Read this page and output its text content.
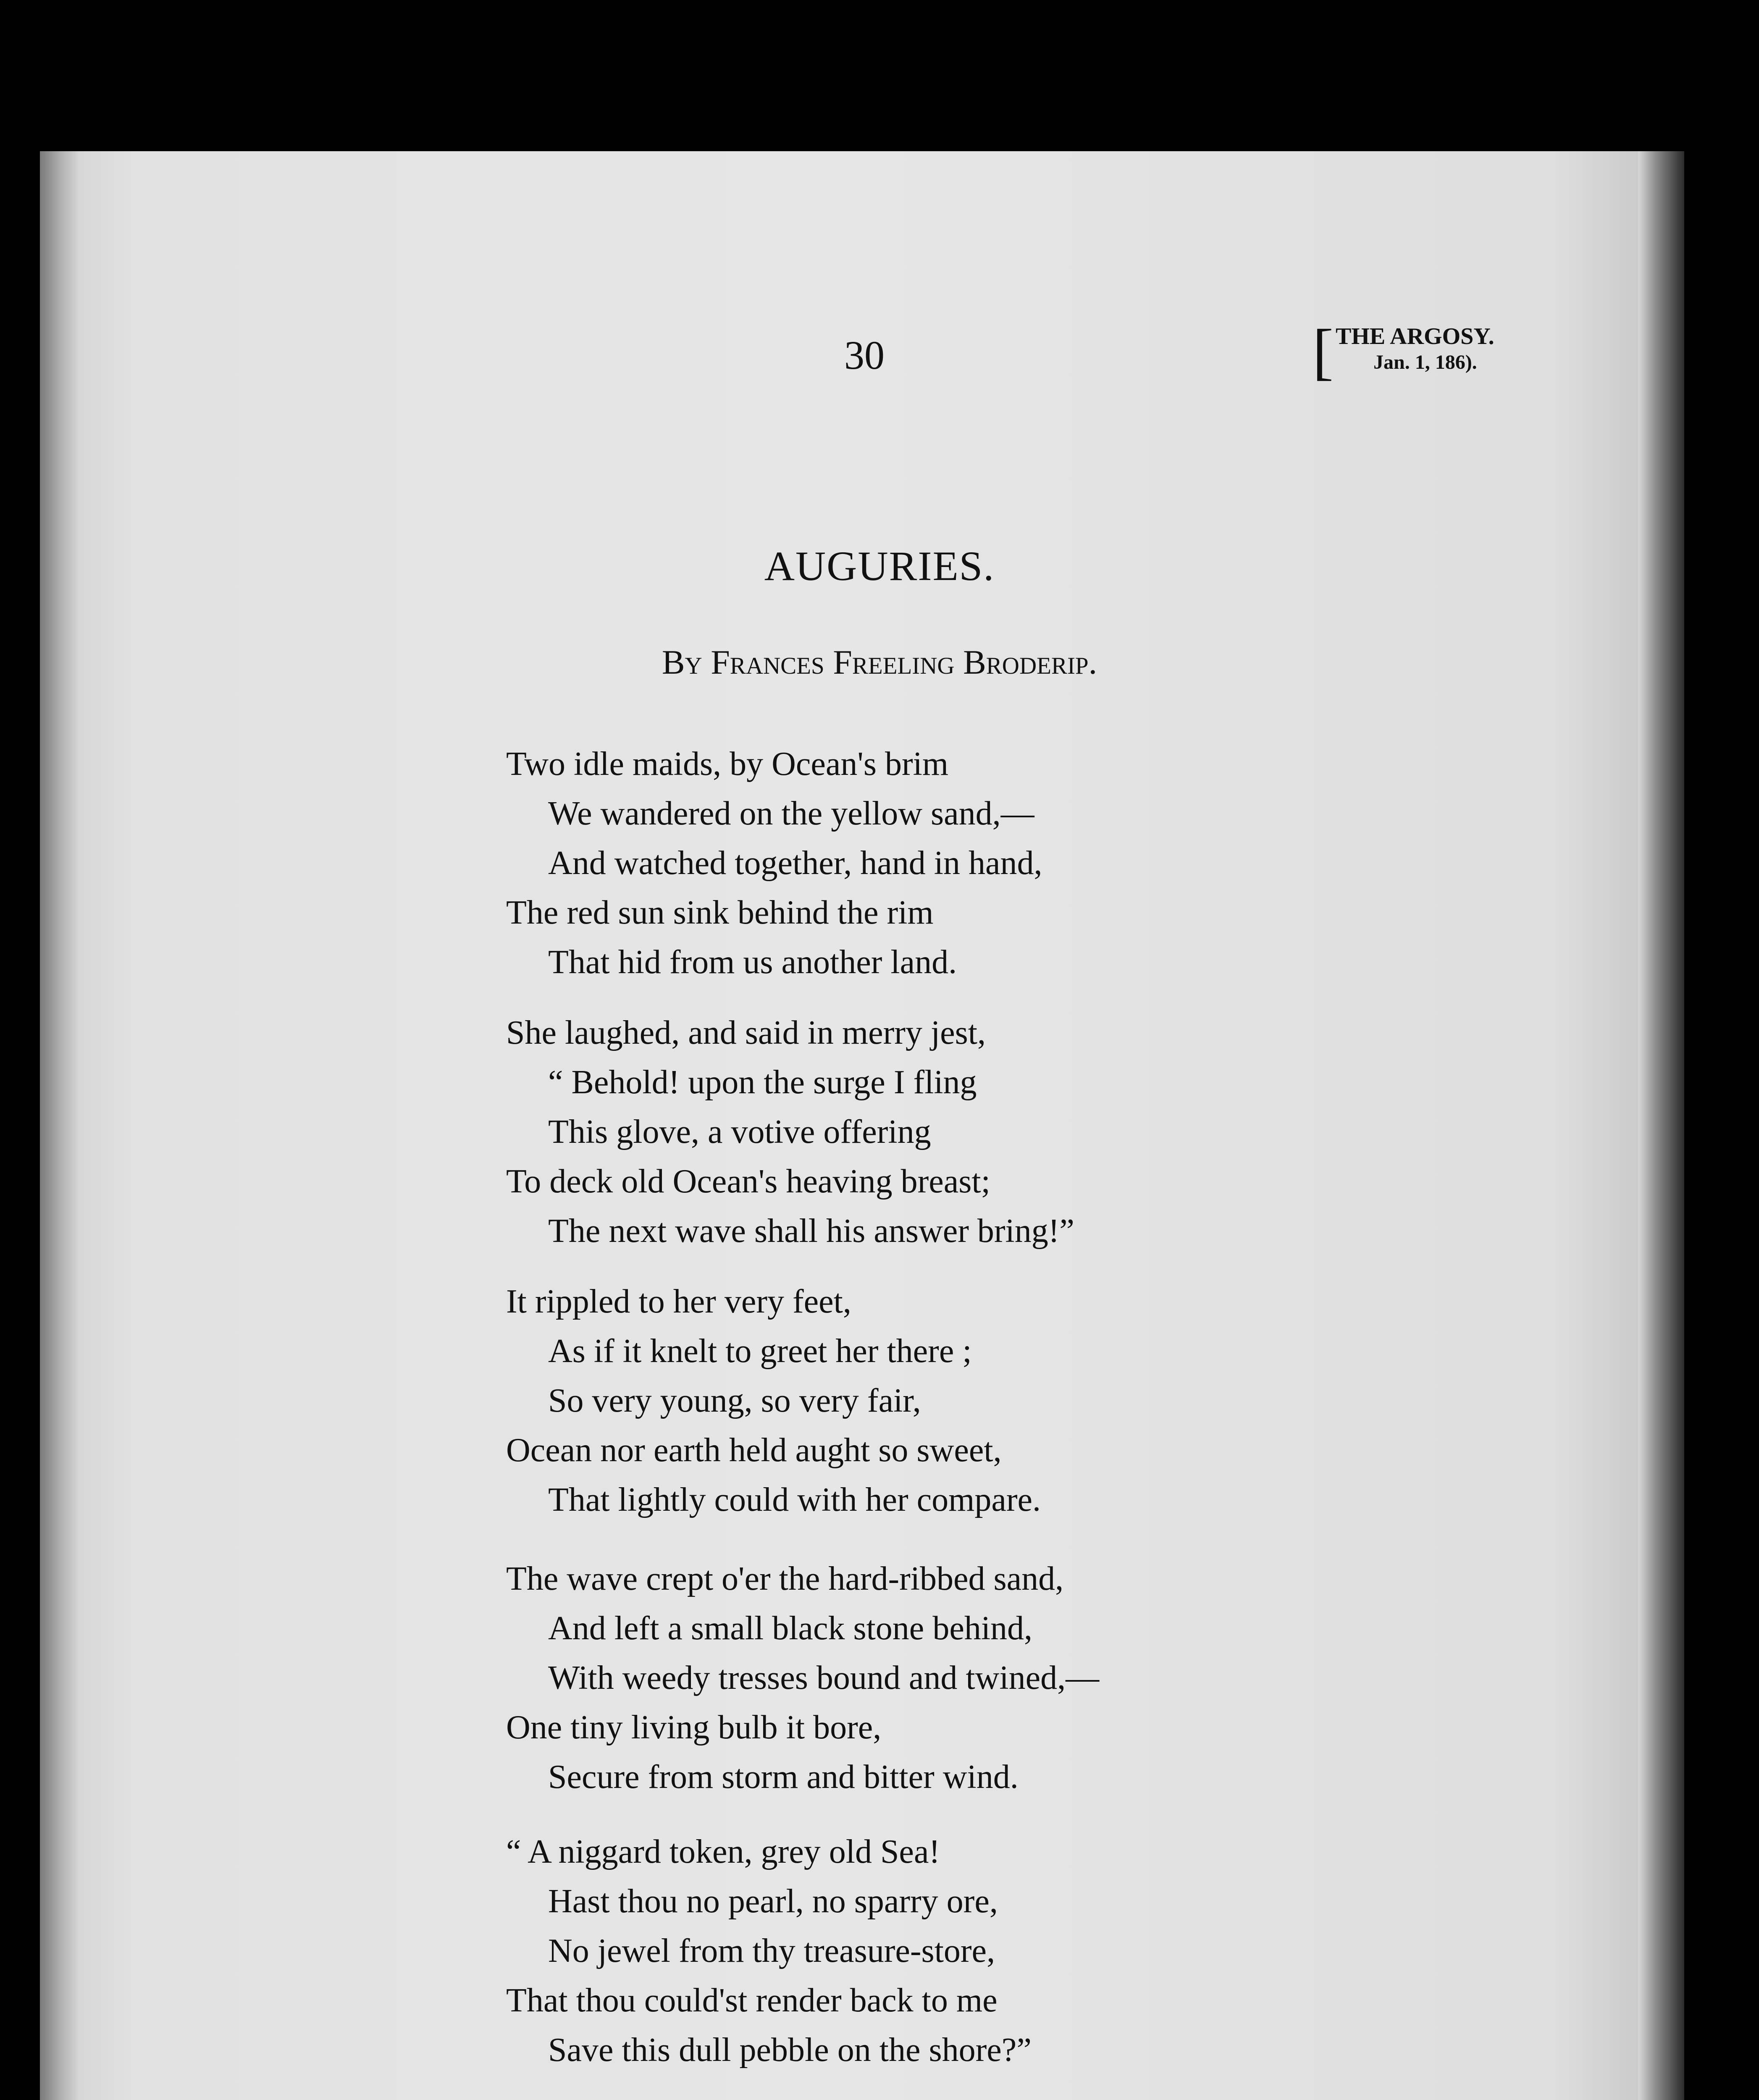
30	[ THE ARGOSY.
Jan. 1, 186).
AUGURIES.
By Frances Freeling Broderip.
Two idle maids, by Ocean's brim
We wandered on the yellow sand,—
And watched together, hand in hand,
The red sun sink behind the rim
That hid from us another land.
She laughed, and said in merry jest,
“ Behold! upon the surge I fling
This glove, a votive offering
To deck old Ocean's heaving breast;
The next wave shall his answer bring!”
It rippled to her very feet,
As if it knelt to greet her there ;
So very young, so very fair,
Ocean nor earth held aught so sweet,
That lightly could with her compare.
The wave crept o'er the hard-ribbed sand,
And left a small black stone behind,
With weedy tresses bound and twined,—
One tiny living bulb it bore,
Secure from storm and bitter wind.
“ A niggard token, grey old Sea!
Hast thou no pearl, no sparry ore,
No jewel from thy treasure-store,
That thou could'st render back to me
Save this dull pebble on the shore?”
